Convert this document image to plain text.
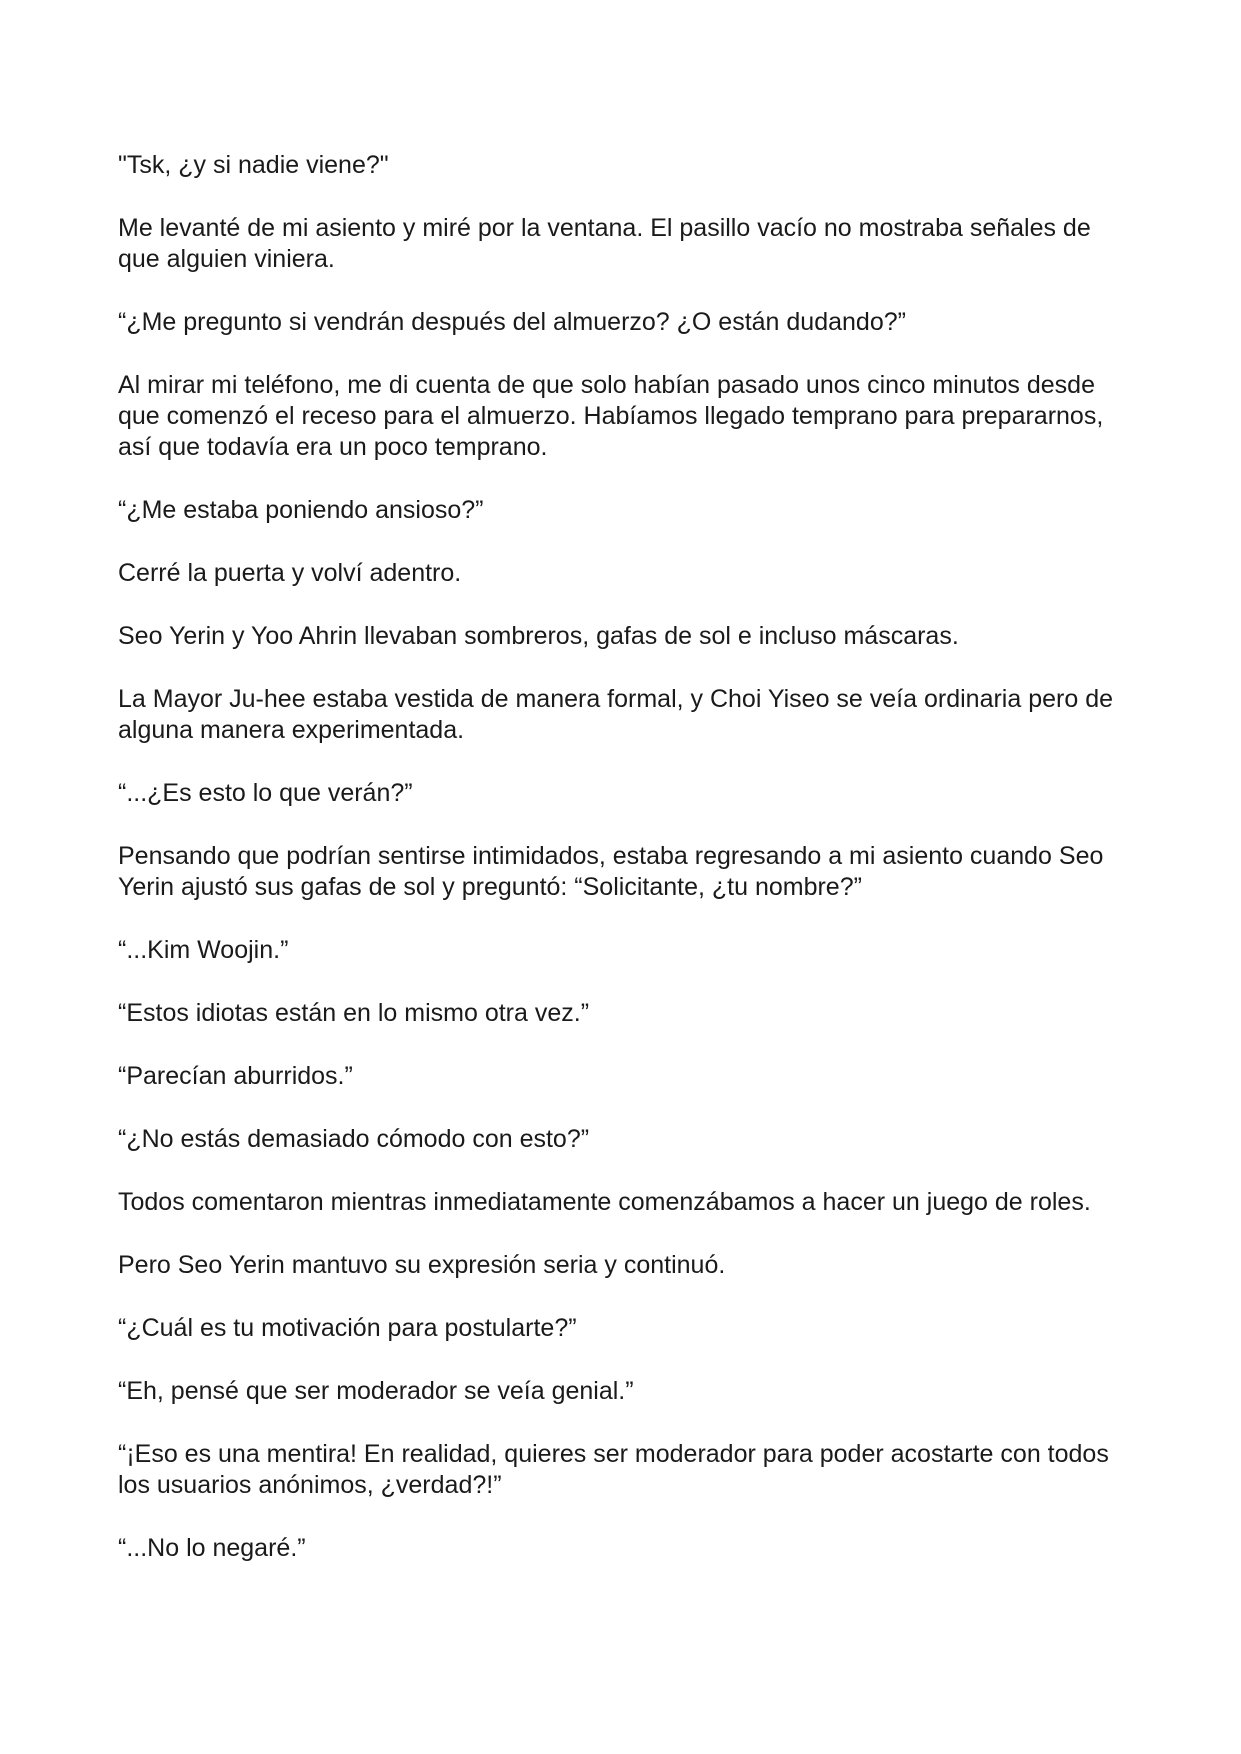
"Tsk, ¿y si nadie viene?"

Me levanté de mi asiento y miré por la ventana. El pasillo vacío no mostraba señales de que alguien viniera.

“¿Me pregunto si vendrán después del almuerzo? ¿O están dudando?”

Al mirar mi teléfono, me di cuenta de que solo habían pasado unos cinco minutos desde que comenzó el receso para el almuerzo. Habíamos llegado temprano para prepararnos, así que todavía era un poco temprano.

“¿Me estaba poniendo ansioso?”

Cerré la puerta y volví adentro.

Seo Yerin y Yoo Ahrin llevaban sombreros, gafas de sol e incluso máscaras.

La Mayor Ju-hee estaba vestida de manera formal, y Choi Yiseo se veía ordinaria pero de alguna manera experimentada.

“...¿Es esto lo que verán?”

Pensando que podrían sentirse intimidados, estaba regresando a mi asiento cuando Seo Yerin ajustó sus gafas de sol y preguntó: “Solicitante, ¿tu nombre?”

“...Kim Woojin.”

“Estos idiotas están en lo mismo otra vez.”

“Parecían aburridos.”

“¿No estás demasiado cómodo con esto?”

Todos comentaron mientras inmediatamente comenzábamos a hacer un juego de roles.

Pero Seo Yerin mantuvo su expresión seria y continuó.

“¿Cuál es tu motivación para postularte?”

“Eh, pensé que ser moderador se veía genial.”

“¡Eso es una mentira! En realidad, quieres ser moderador para poder acostarte con todos los usuarios anónimos, ¿verdad?!”

“...No lo negaré.”
